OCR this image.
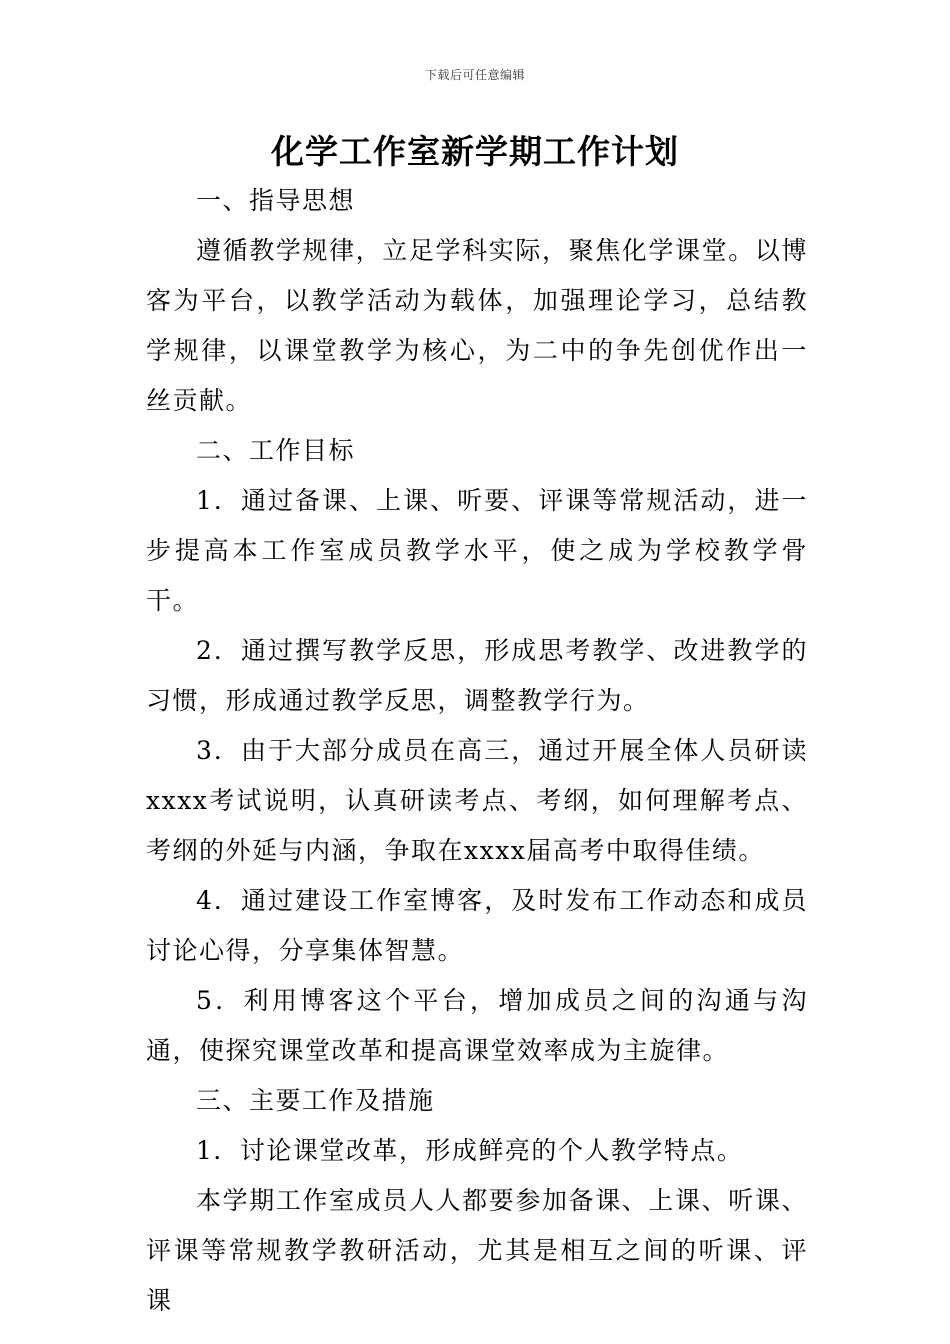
下载后可任意编辑
化学工作室新学期工作计划

一、指导思想

遵循教学规律，立足学科实际，聚焦化学课堂。以博客为平台，以教学活动为载体，加强理论学习，总结教学规律，以课堂教学为核心，为二中的争先创优作出一丝贡献。

二、工作目标

1．通过备课、上课、听要、评课等常规活动，进一步提高本工作室成员教学水平，使之成为学校教学骨干。

2．通过撰写教学反思，形成思考教学、改进教学的习惯，形成通过教学反思，调整教学行为。

3．由于大部分成员在高三，通过开展全体人员研读xxxx考试说明，认真研读考点、考纲，如何理解考点、考纲的外延与内涵，争取在xxxx届高考中取得佳绩。

4．通过建设工作室博客，及时发布工作动态和成员讨论心得，分享集体智慧。

5．利用博客这个平台，增加成员之间的沟通与沟通，使探究课堂改革和提高课堂效率成为主旋律。

三、主要工作及措施

1．讨论课堂改革，形成鲜亮的个人教学特点。

本学期工作室成员人人都要参加备课、上课、听课、评课等常规教学教研活动，尤其是相互之间的听课、评课
